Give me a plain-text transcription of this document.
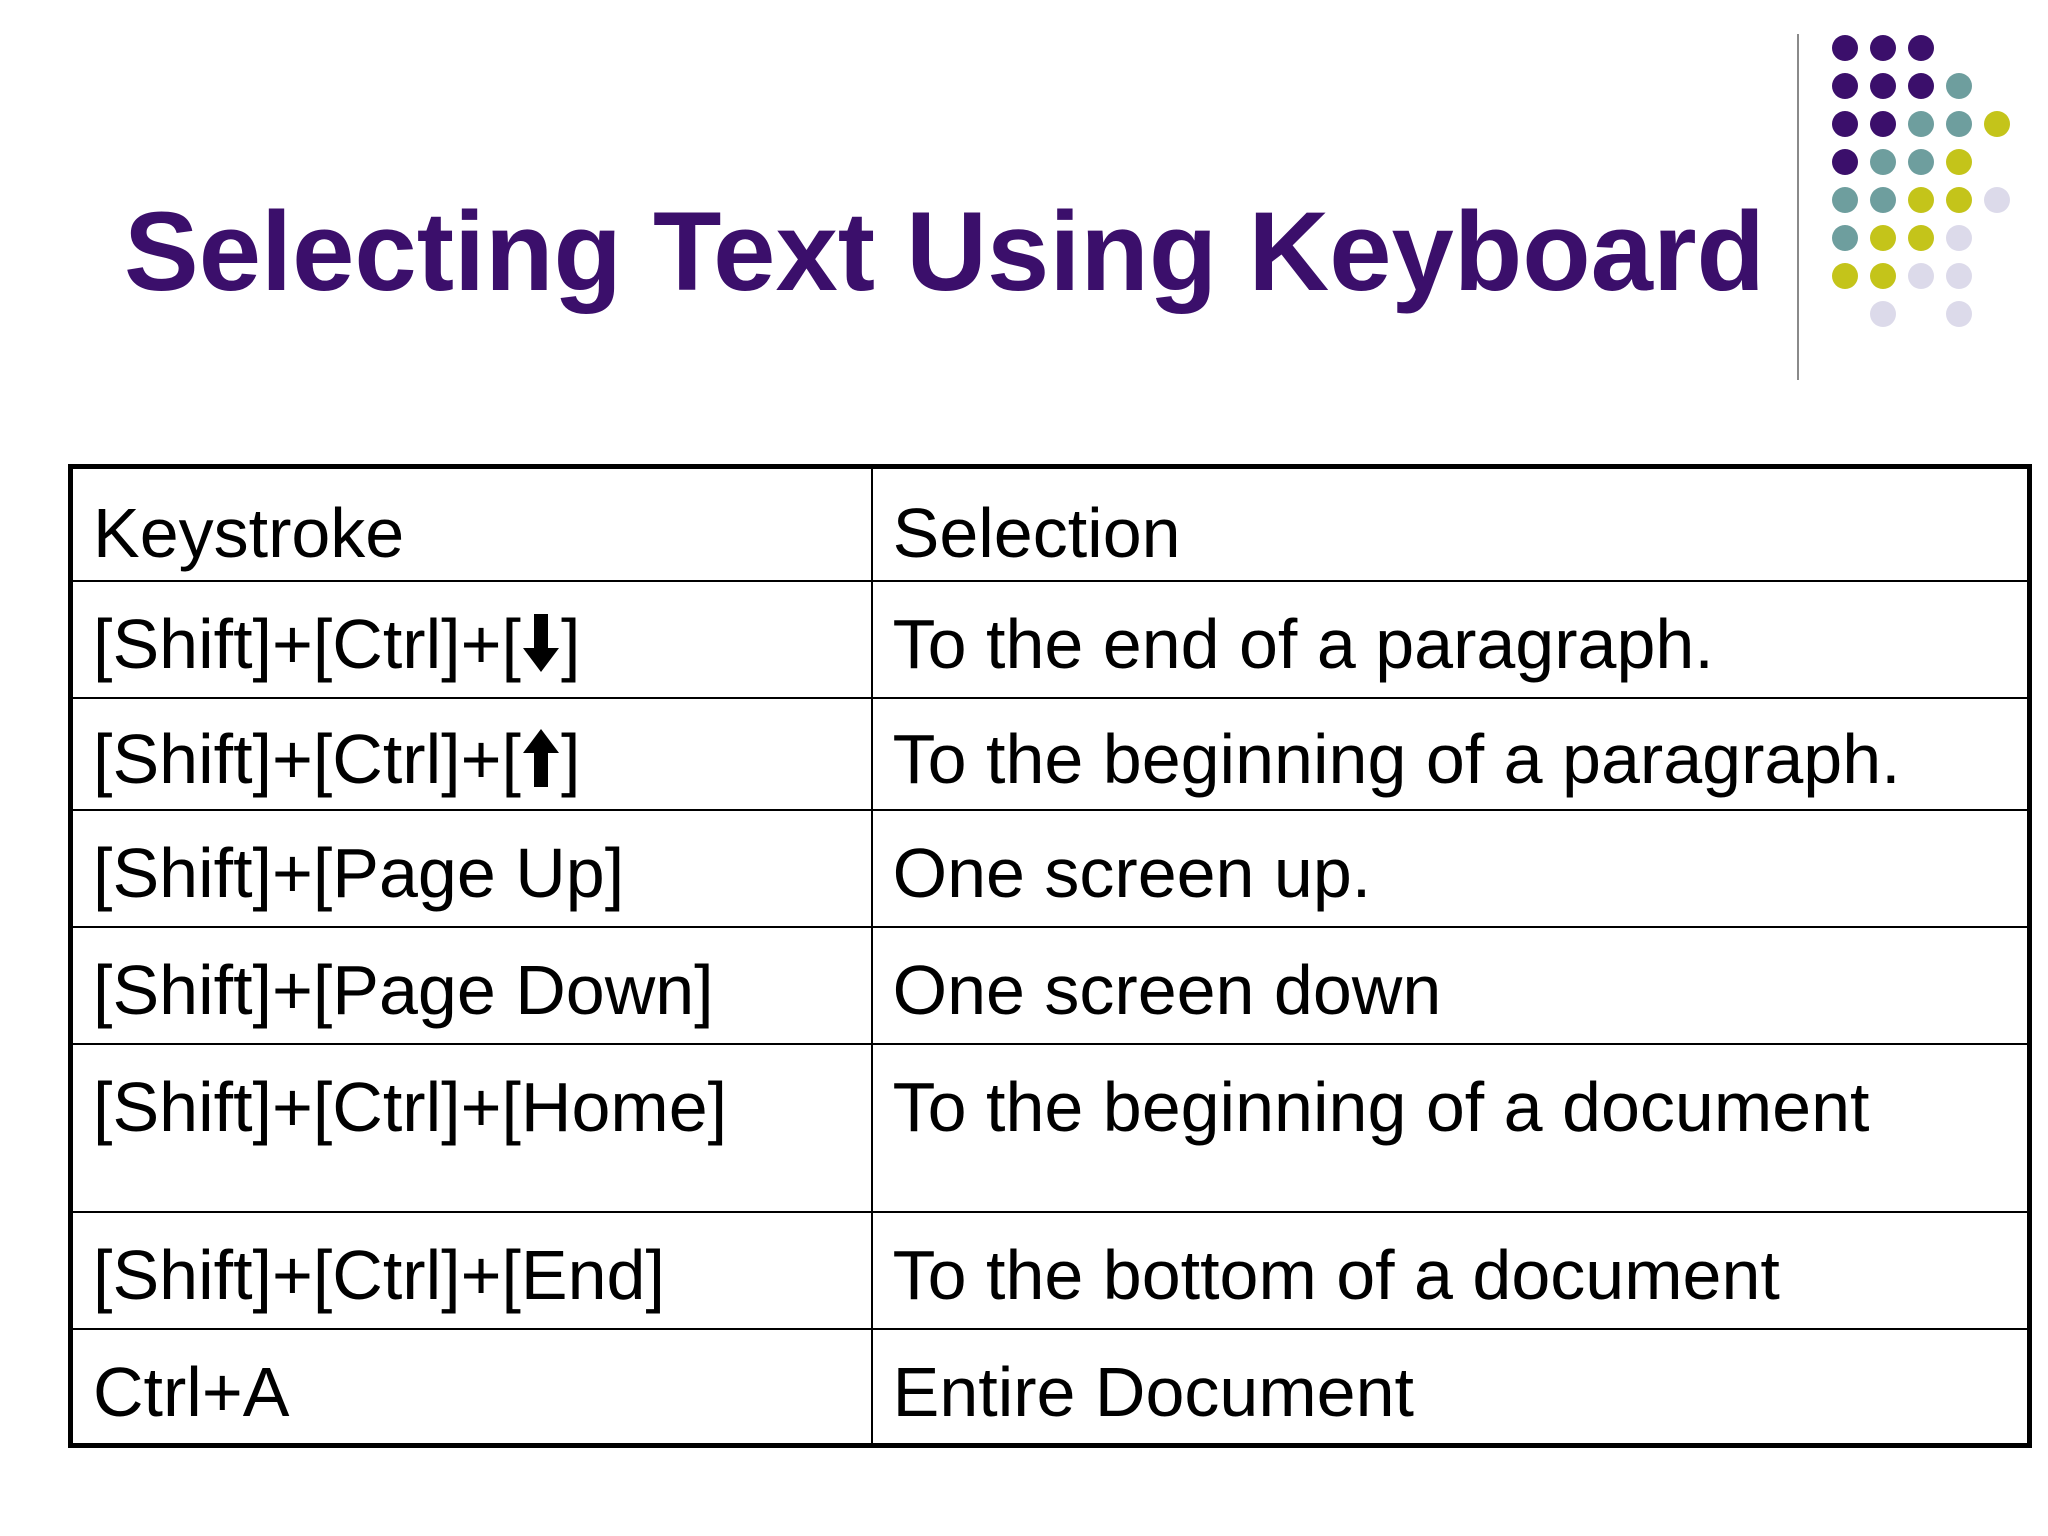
Selecting Text Using Keyboard
Keystroke	Selection
[Shift]+[Ctrl]+[ ]	To the end of a paragraph.
[Shift]+[Ctrl]+[ ]	To the beginning of a paragraph.
[Shift]+[Page Up]	One screen up.
[Shift]+[Page Down]	One screen down
[Shift]+[Ctrl]+[Home]	To the beginning of a document
[Shift]+[Ctrl]+[End]	To the bottom of a document
Ctrl+A	Entire Document
